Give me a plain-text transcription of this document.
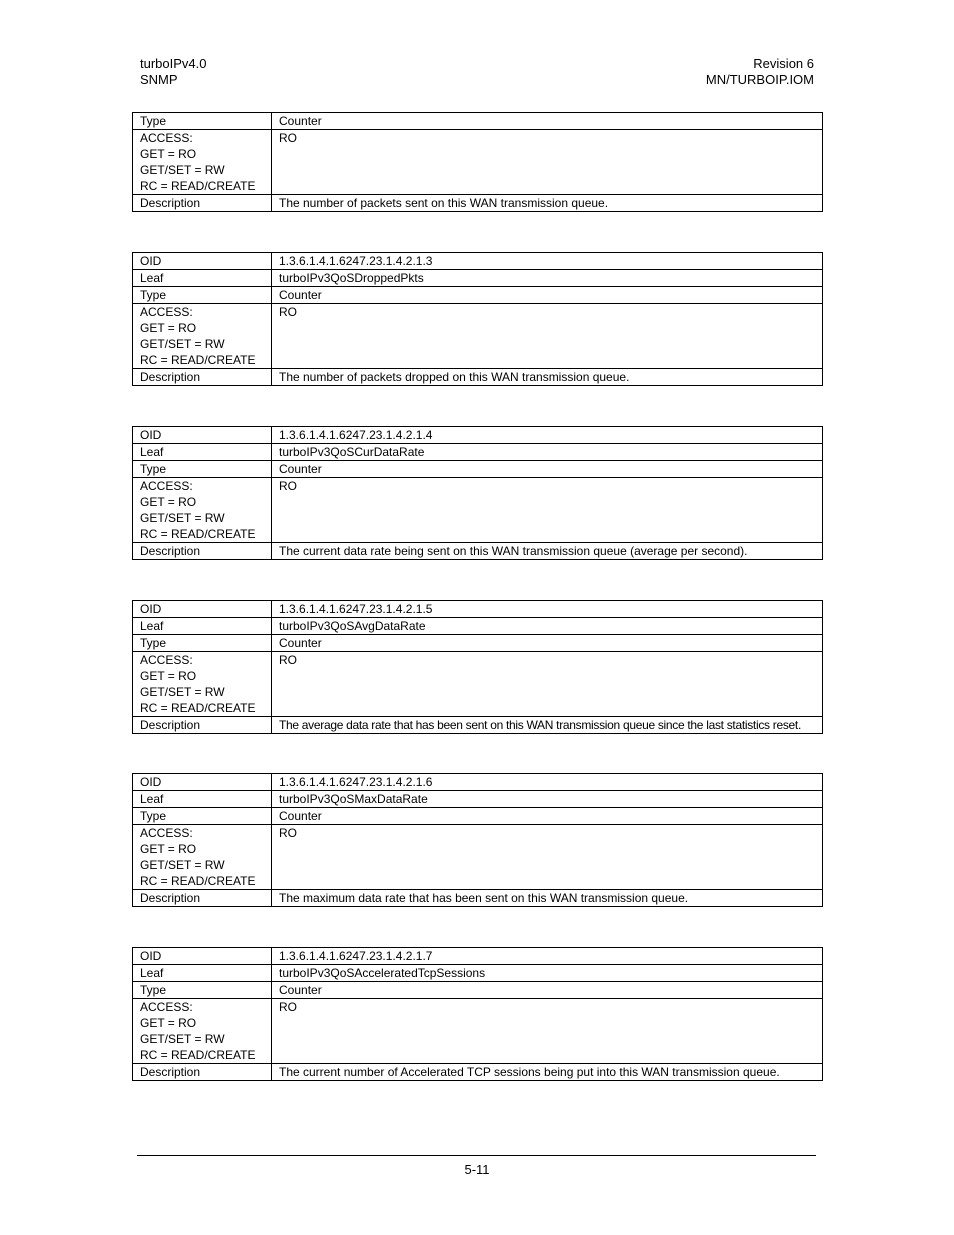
turboIPv4.0
SNMP
Revision 6
MN/TURBOIP.IOM
Type	Counter

ACCESS:
GET = RO
GET/SET = RW
RC = READ/CREATE	RO
Description	The number of packets sent on this WAN transmission queue.
OID	1.3.6.1.4.1.6247.23.1.4.2.1.3
Leaf	turboIPv3QoSDroppedPkts
Type	Counter

ACCESS:
GET = RO
GET/SET = RW
RC = READ/CREATE	RO
Description	The number of packets dropped on this WAN transmission queue.
OID	1.3.6.1.4.1.6247.23.1.4.2.1.4
Leaf	turboIPv3QoSCurDataRate
Type	Counter

ACCESS:
GET = RO
GET/SET = RW
RC = READ/CREATE	RO
Description	The current data rate being sent on this WAN transmission queue (average per second).
OID	1.3.6.1.4.1.6247.23.1.4.2.1.5
Leaf	turboIPv3QoSAvgDataRate
Type	Counter

ACCESS:
GET = RO
GET/SET = RW
RC = READ/CREATE	RO
Description	The average data rate that has been sent on this WAN transmission queue since the last statistics reset.
OID	1.3.6.1.4.1.6247.23.1.4.2.1.6
Leaf	turboIPv3QoSMaxDataRate
Type	Counter

ACCESS:
GET = RO
GET/SET = RW
RC = READ/CREATE	RO
Description	The maximum data rate that has been sent on this WAN transmission queue.
OID	1.3.6.1.4.1.6247.23.1.4.2.1.7
Leaf	turboIPv3QoSAcceleratedTcpSessions
Type	Counter

ACCESS:
GET = RO
GET/SET = RW
RC = READ/CREATE	RO
Description	The current number of Accelerated TCP sessions being put into this WAN transmission queue.
5-11
